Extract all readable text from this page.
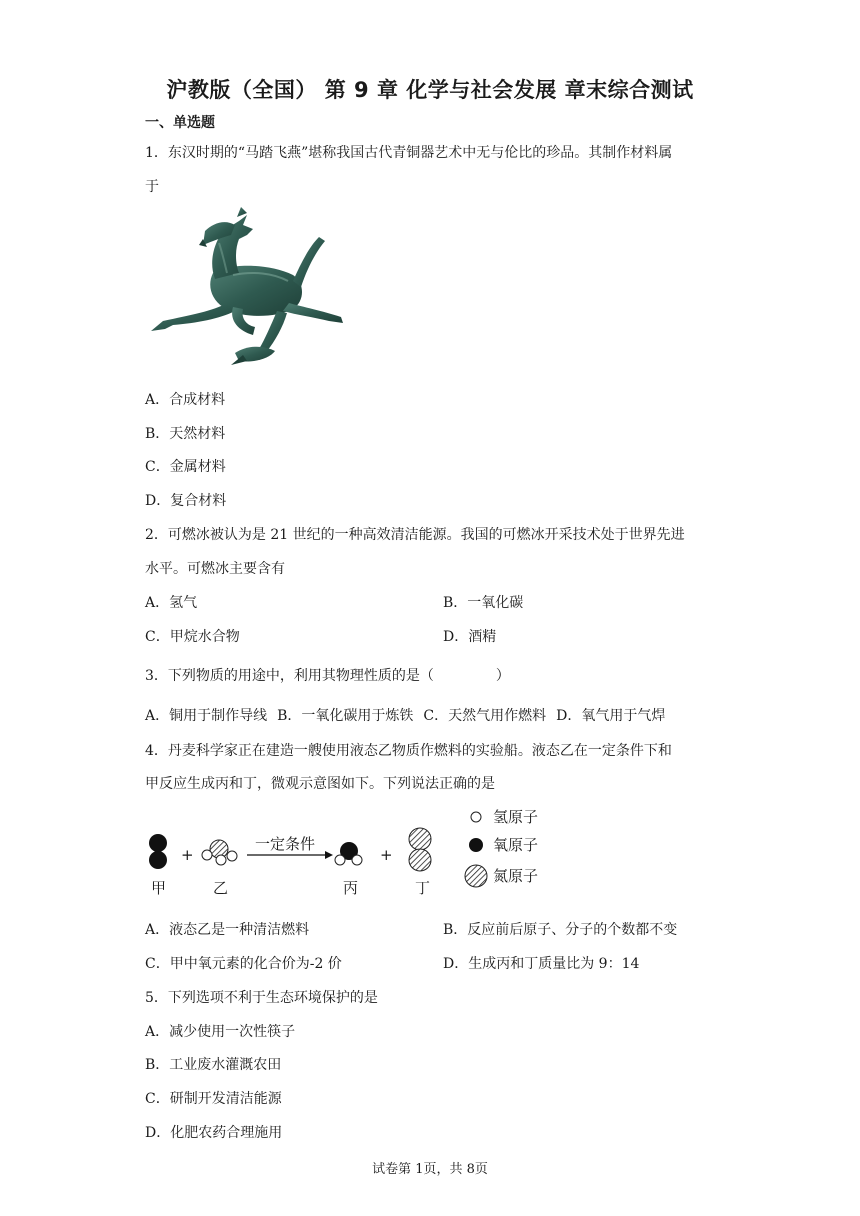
沪教版（全国） 第 9 章 化学与社会发展 章末综合测试
一、单选题
1．东汉时期的“马踏飞燕”堪称我国古代青铜器艺术中无与伦比的珍品。其制作材料属
于
A．合成材料
B．天然材料
C．金属材料
D．复合材料
2．可燃冰被认为是 21 世纪的一种高效清洁能源。我国的可燃冰开采技术处于世界先进
水平。可燃冰主要含有
A．氢气	B．一氧化碳
C．甲烷水合物	D．酒精
3．下列物质的用途中，利用其物理性质的是（	）
A．铜用于制作导线 B．一氧化碳用于炼铁 C．天然气用作燃料 D．氧气用于气焊
4．丹麦科学家正在建造一艘使用液态乙物质作燃料的实验船。液态乙在一定条件下和
甲反应生成丙和丁，微观示意图如下。下列说法正确的是
+
一定条件
+
甲	乙	丙	丁
氢原子
氧原子
氮原子
A．液态乙是一种清洁燃料	B．反应前后原子、分子的个数都不变
C．甲中氧元素的化合价为-2 价	D．生成丙和丁质量比为 9：14
5．下列选项不利于生态环境保护的是
A．减少使用一次性筷子
B．工业废水灌溉农田
C．研制开发清洁能源
D．化肥农药合理施用
试卷第 1页，共 8页
